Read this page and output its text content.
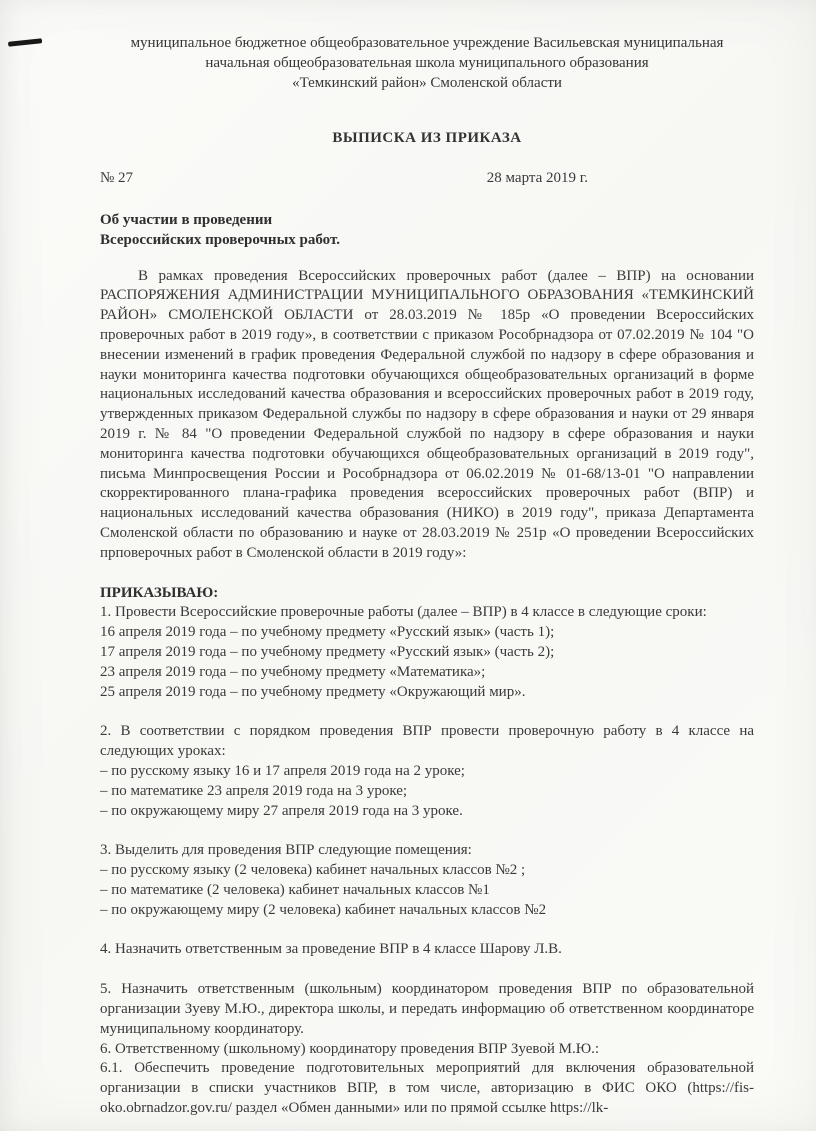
муниципальное бюджетное общеобразовательное учреждение Васильевская муниципальная
начальная общеобразовательная школа муниципального образования
«Темкинский район» Смоленской области
ВЫПИСКА ИЗ ПРИКАЗА
№ 27	28 марта 2019 г.
Об участии в проведении
Всероссийских проверочных работ.
В рамках проведения Всероссийских проверочных работ (далее – ВПР) на основании РАСПОРЯЖЕНИЯ АДМИНИСТРАЦИИ МУНИЦИПАЛЬНОГО ОБРАЗОВАНИЯ «ТЕМКИНСКИЙ РАЙОН» СМОЛЕНСКОЙ ОБЛАСТИ от 28.03.2019 № 185р «О проведении Всероссийских проверочных работ в 2019 году», в соответствии с приказом Рособрнадзора от 07.02.2019 № 104 "О внесении изменений в график проведения Федеральной службой по надзору в сфере образования и науки мониторинга качества подготовки обучающихся общеобразовательных организаций в форме национальных исследований качества образования и всероссийских проверочных работ в 2019 году, утвержденных приказом Федеральной службы по надзору в сфере образования и науки от 29 января 2019 г. № 84 "О проведении Федеральной службой по надзору в сфере образования и науки мониторинга качества подготовки обучающихся общеобразовательных организаций в 2019 году", письма Минпросвещения России и Рособрнадзора от 06.02.2019 № 01-68/13-01 "О направлении скорректированного плана-графика проведения всероссийских проверочных работ (ВПР) и национальных исследований качества образования (НИКО) в 2019 году", приказа Департамента Смоленской области по образованию и науке от 28.03.2019 № 251р «О проведении Всероссийских прповерочных работ в Смоленской области в 2019 году»:
ПРИКАЗЫВАЮ:

1. Провести Всероссийские проверочные работы (далее – ВПР) в 4 классе в следующие сроки:

16 апреля 2019 года – по учебному предмету «Русский язык» (часть 1);

17 апреля 2019 года – по учебному предмету «Русский язык» (часть 2);

23 апреля 2019 года – по учебному предмету «Математика»;

25 апреля 2019 года – по учебному предмету «Окружающий мир».

2. В соответствии с порядком проведения ВПР провести проверочную работу в 4 классе на следующих уроках:

– по русскому языку 16 и 17 апреля 2019 года на 2 уроке;

– по математике 23 апреля 2019 года на 3 уроке;

– по окружающему миру 27 апреля 2019 года на 3 уроке.

3. Выделить для проведения ВПР следующие помещения:

– по русскому языку (2 человека) кабинет начальных классов №2 ;

– по математике (2 человека) кабинет начальных классов №1

– по окружающему миру (2 человека) кабинет начальных классов №2

4. Назначить ответственным за проведение ВПР в 4 классе Шарову Л.В.

5. Назначить ответственным (школьным) координатором проведения ВПР по образовательной организации Зуеву М.Ю., директора школы, и передать информацию об ответственном координаторе муниципальному координатору.

6. Ответственному (школьному) координатору проведения ВПР Зуевой М.Ю.:

6.1. Обеспечить проведение подготовительных мероприятий для включения образовательной организации в списки участников ВПР, в том числе, авторизацию в ФИС ОКО (https://fis-oko.obrnadzor.gov.ru/ раздел «Обмен данными» или по прямой ссылке https://lk-
